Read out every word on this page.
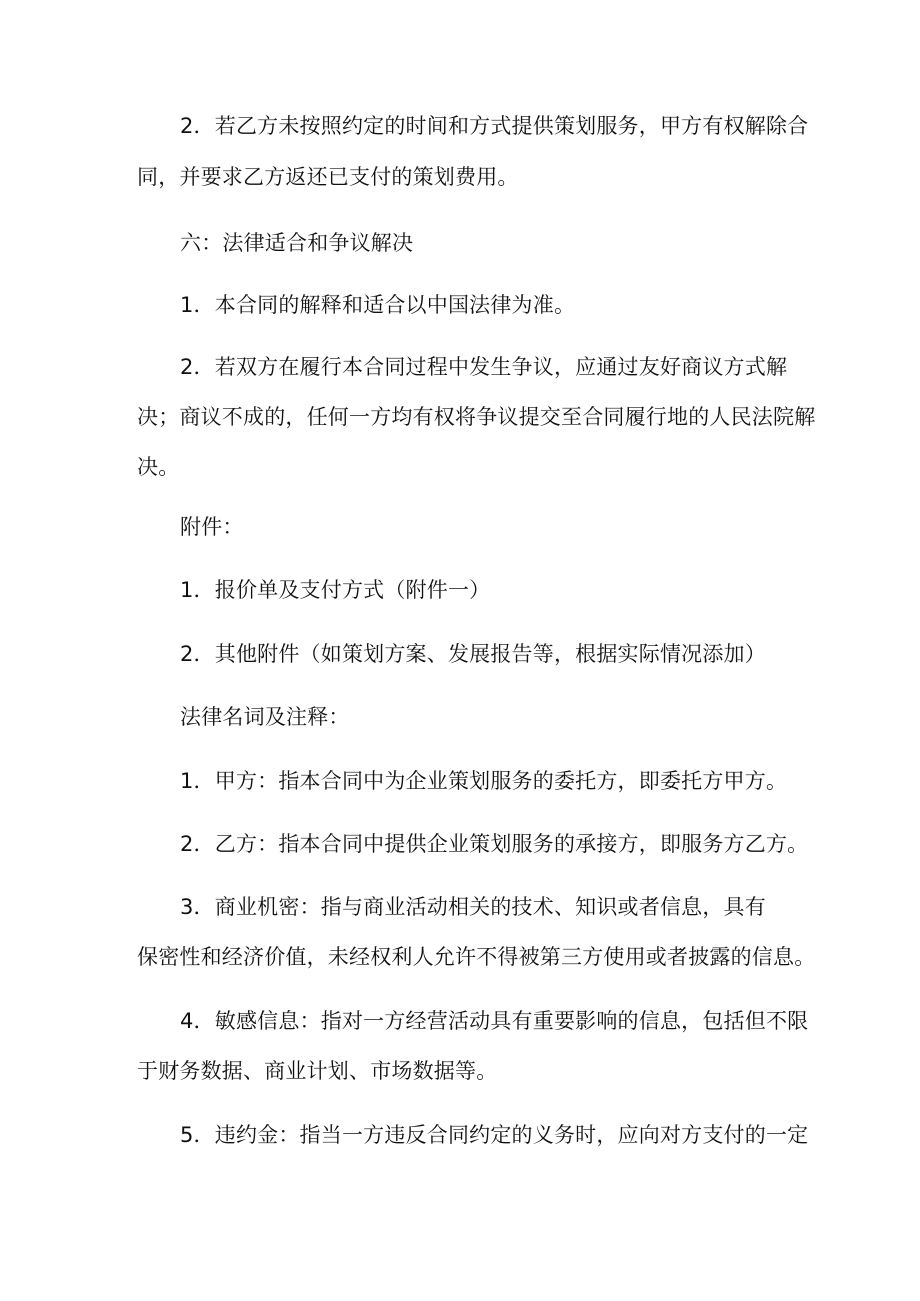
2．若乙方未按照约定的时间和方式提供策划服务，甲方有权解除合
同，并要求乙方返还已支付的策划费用。
六：法律适合和争议解决
1．本合同的解释和适合以中国法律为准。
2．若双方在履行本合同过程中发生争议，应通过友好商议方式解
决；商议不成的，任何一方均有权将争议提交至合同履行地的人民法院解
决。
附件：
1．报价单及支付方式（附件一）
2．其他附件（如策划方案、发展报告等，根据实际情况添加）
法律名词及注释：
1．甲方：指本合同中为企业策划服务的委托方，即委托方甲方。
2．乙方：指本合同中提供企业策划服务的承接方，即服务方乙方。
3．商业机密：指与商业活动相关的技术、知识或者信息，具有
保密性和经济价值，未经权利人允许不得被第三方使用或者披露的信息。
4．敏感信息：指对一方经营活动具有重要影响的信息，包括但不限
于财务数据、商业计划、市场数据等。
5．违约金：指当一方违反合同约定的义务时，应向对方支付的一定
